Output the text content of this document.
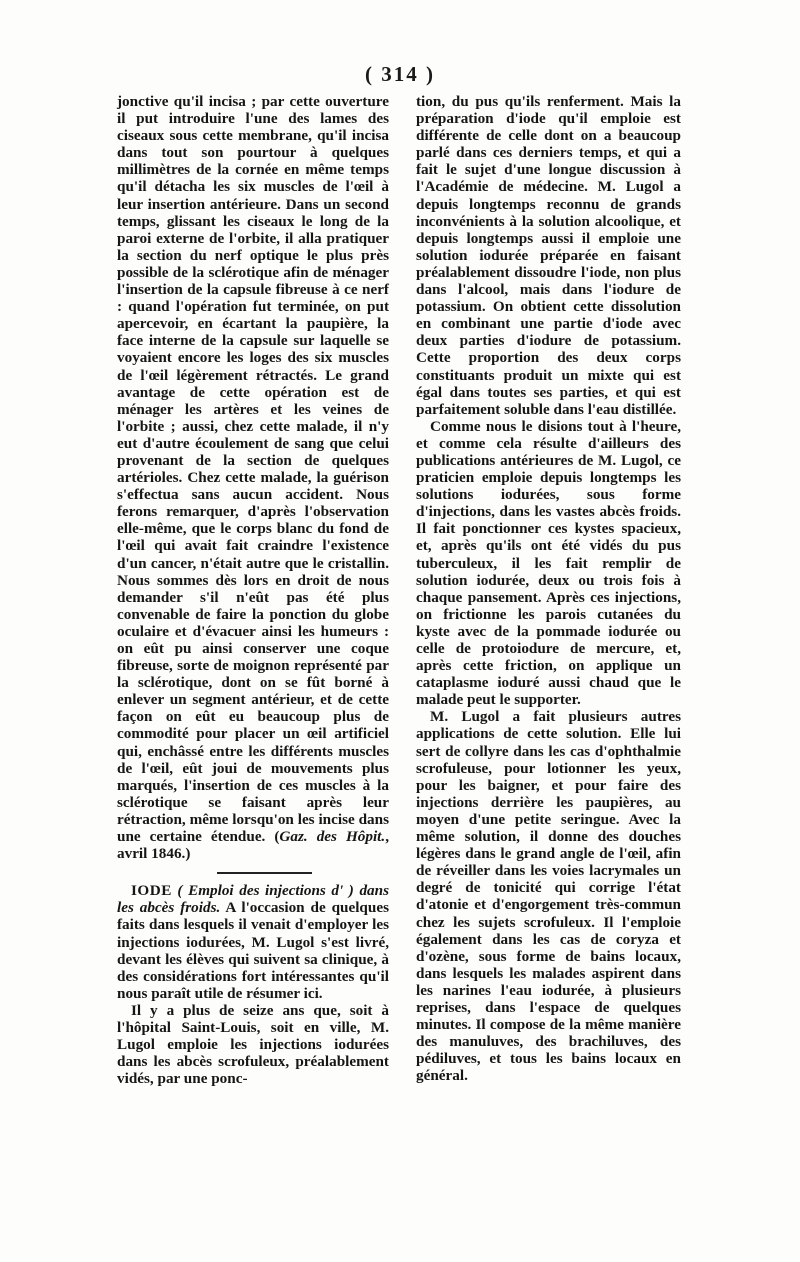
( 314 )

jonctive qu'il incisa ; par cette ouverture il put introduire l'une des lames des ciseaux sous cette membrane, qu'il incisa dans tout son pourtour à quelques millimètres de la cornée en même temps qu'il détacha les six muscles de l'œil à leur insertion antérieure. Dans un second temps, glissant les ciseaux le long de la paroi externe de l'orbite, il alla pratiquer la section du nerf optique le plus près possible de la sclérotique afin de ménager l'insertion de la capsule fibreuse à ce nerf : quand l'opération fut terminée, on put apercevoir, en écartant la paupière, la face interne de la capsule sur laquelle se voyaient encore les loges des six muscles de l'œil légèrement rétractés. Le grand avantage de cette opération est de ménager les artères et les veines de l'orbite ; aussi, chez cette malade, il n'y eut d'autre écoulement de sang que celui provenant de la section de quelques artérioles. Chez cette malade, la guérison s'effectua sans aucun accident. Nous ferons remarquer, d'après l'observation elle-même, que le corps blanc du fond de l'œil qui avait fait craindre l'existence d'un cancer, n'était autre que le cristallin. Nous sommes dès lors en droit de nous demander s'il n'eût pas été plus convenable de faire la ponction du globe oculaire et d'évacuer ainsi les humeurs : on eût pu ainsi conserver une coque fibreuse, sorte de moignon représenté par la sclérotique, dont on se fût borné à enlever un segment antérieur, et de cette façon on eût eu beaucoup plus de commodité pour placer un œil artificiel qui, enchâssé entre les différents muscles de l'œil, eût joui de mouvements plus marqués, l'insertion de ces muscles à la sclérotique se faisant après leur rétraction, même lorsqu'on les incise dans une certaine étendue. (Gaz. des Hôpit., avril 1846.)

IODE ( Emploi des injections d' ) dans les abcès froids. A l'occasion de quelques faits dans lesquels il venait d'employer les injections iodurées, M. Lugol s'est livré, devant les élèves qui suivent sa clinique, à des considérations fort intéressantes qu'il nous paraît utile de résumer ici.

Il y a plus de seize ans que, soit à l'hôpital Saint-Louis, soit en ville, M. Lugol emploie les injections iodurées dans les abcès scrofuleux, préalablement vidés, par une ponc-

tion, du pus qu'ils renferment. Mais la préparation d'iode qu'il emploie est différente de celle dont on a beaucoup parlé dans ces derniers temps, et qui a fait le sujet d'une longue discussion à l'Académie de médecine. M. Lugol a depuis longtemps reconnu de grands inconvénients à la solution alcoolique, et depuis longtemps aussi il emploie une solution iodurée préparée en faisant préalablement dissoudre l'iode, non plus dans l'alcool, mais dans l'iodure de potassium. On obtient cette dissolution en combinant une partie d'iode avec deux parties d'iodure de potassium. Cette proportion des deux corps constituants produit un mixte qui est égal dans toutes ses parties, et qui est parfaitement soluble dans l'eau distillée.

Comme nous le disions tout à l'heure, et comme cela résulte d'ailleurs des publications antérieures de M. Lugol, ce praticien emploie depuis longtemps les solutions iodurées, sous forme d'injections, dans les vastes abcès froids. Il fait ponctionner ces kystes spacieux, et, après qu'ils ont été vidés du pus tuberculeux, il les fait remplir de solution iodurée, deux ou trois fois à chaque pansement. Après ces injections, on frictionne les parois cutanées du kyste avec de la pommade iodurée ou celle de protoiodure de mercure, et, après cette friction, on applique un cataplasme ioduré aussi chaud que le malade peut le supporter.

M. Lugol a fait plusieurs autres applications de cette solution. Elle lui sert de collyre dans les cas d'ophthalmie scrofuleuse, pour lotionner les yeux, pour les baigner, et pour faire des injections derrière les paupières, au moyen d'une petite seringue. Avec la même solution, il donne des douches légères dans le grand angle de l'œil, afin de réveiller dans les voies lacrymales un degré de tonicité qui corrige l'état d'atonie et d'engorgement très-commun chez les sujets scrofuleux. Il l'emploie également dans les cas de coryza et d'ozène, sous forme de bains locaux, dans lesquels les malades aspirent dans les narines l'eau iodurée, à plusieurs reprises, dans l'espace de quelques minutes. Il compose de la même manière des manuluves, des brachiluves, des pédiluves, et tous les bains locaux en général.
